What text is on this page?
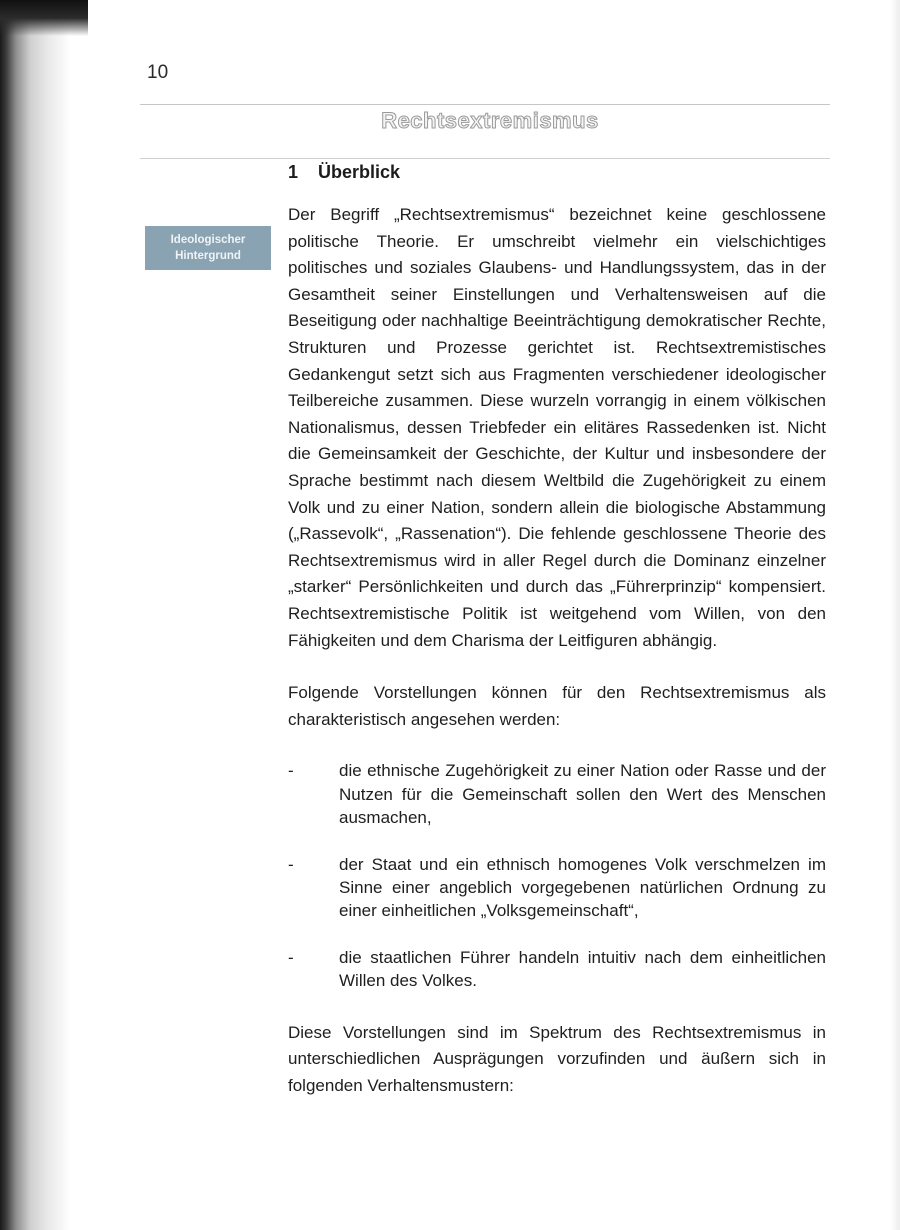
10
Rechtsextremismus
1 Überblick
Ideologischer
Hintergrund

Der Begriff „Rechtsextremismus“ bezeichnet keine geschlossene politische Theorie. Er umschreibt vielmehr ein vielschichtiges politisches und soziales Glaubens- und Handlungssystem, das in der Gesamtheit seiner Einstellungen und Verhaltensweisen auf die Beseitigung oder nachhaltige Beeinträchtigung demokratischer Rechte, Strukturen und Prozesse gerichtet ist. Rechtsextremistisches Gedankengut setzt sich aus Fragmenten verschiedener ideologischer Teilbereiche zusammen. Diese wurzeln vorrangig in einem völkischen Nationalismus, dessen Triebfeder ein elitäres Rassedenken ist. Nicht die Gemeinsamkeit der Geschichte, der Kultur und insbesondere der Sprache bestimmt nach diesem Weltbild die Zugehörigkeit zu einem Volk und zu einer Nation, sondern allein die biologische Abstammung („Rassevolk“, „Rassenation“). Die fehlende geschlossene Theorie des Rechtsextremismus wird in aller Regel durch die Dominanz einzelner „starker“ Persönlichkeiten und durch das „Führerprinzip“ kompensiert. Rechtsextremistische Politik ist weitgehend vom Willen, von den Fähigkeiten und dem Charisma der Leitfiguren abhängig.

Folgende Vorstellungen können für den Rechtsextremismus als charakteristisch angesehen werden:

-	die ethnische Zugehörigkeit zu einer Nation oder Rasse und der Nutzen für die Gemeinschaft sollen den Wert des Menschen ausmachen,
-	der Staat und ein ethnisch homogenes Volk verschmelzen im Sinne einer angeblich vorgegebenen natürlichen Ordnung zu einer einheitlichen „Volksgemeinschaft“,
-	die staatlichen Führer handeln intuitiv nach dem einheitlichen Willen des Volkes.

Diese Vorstellungen sind im Spektrum des Rechtsextremismus in unterschiedlichen Ausprägungen vorzufinden und äußern sich in folgenden Verhaltensmustern:
